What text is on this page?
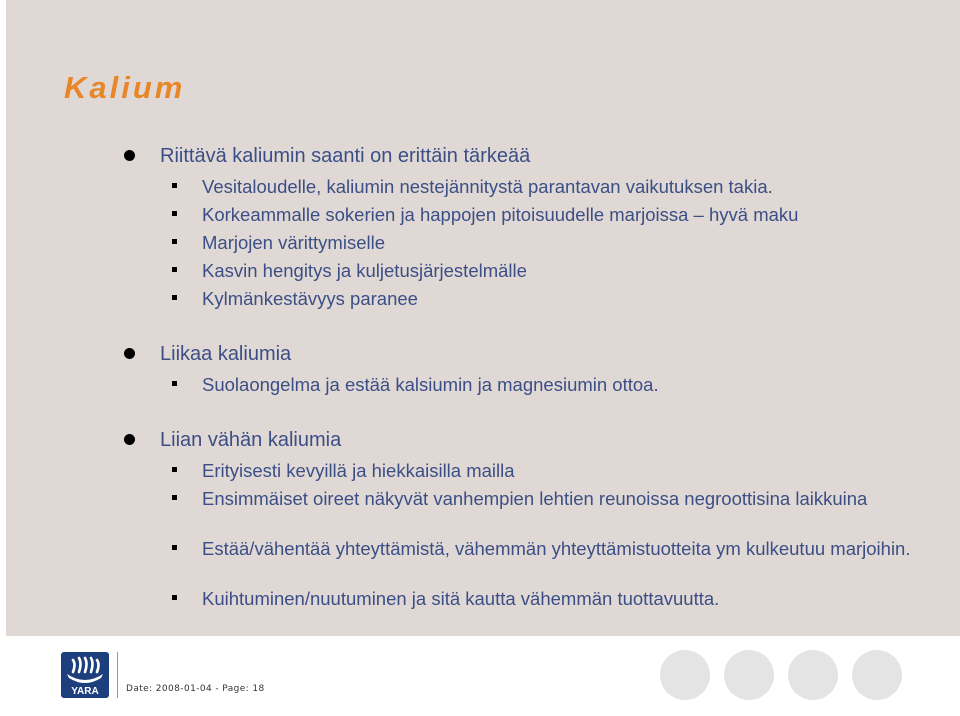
Kalium
Riittävä kaliumin saanti on erittäin tärkeää
Vesitaloudelle, kaliumin nestejännitystä parantavan vaikutuksen takia.
Korkeammalle sokerien ja happojen pitoisuudelle marjoissa – hyvä maku
Marjojen värittymiselle
Kasvin hengitys ja kuljetusjärjestelmälle
Kylmänkestävyys paranee
Liikaa kaliumia
Suolaongelma ja estää kalsiumin ja magnesiumin ottoa.
Liian vähän kaliumia
Erityisesti kevyillä ja hiekkaisilla mailla
Ensimmäiset oireet näkyvät vanhempien lehtien reunoissa negroottisina laikkuina
Estää/vähentää yhteyttämistä, vähemmän yhteyttämistuotteita ym kulkeutuu marjoihin.
Kuihtuminen/nuutuminen ja sitä kautta vähemmän tuottavuutta.
YARA	Date: 2008-01-04 - Page: 18
